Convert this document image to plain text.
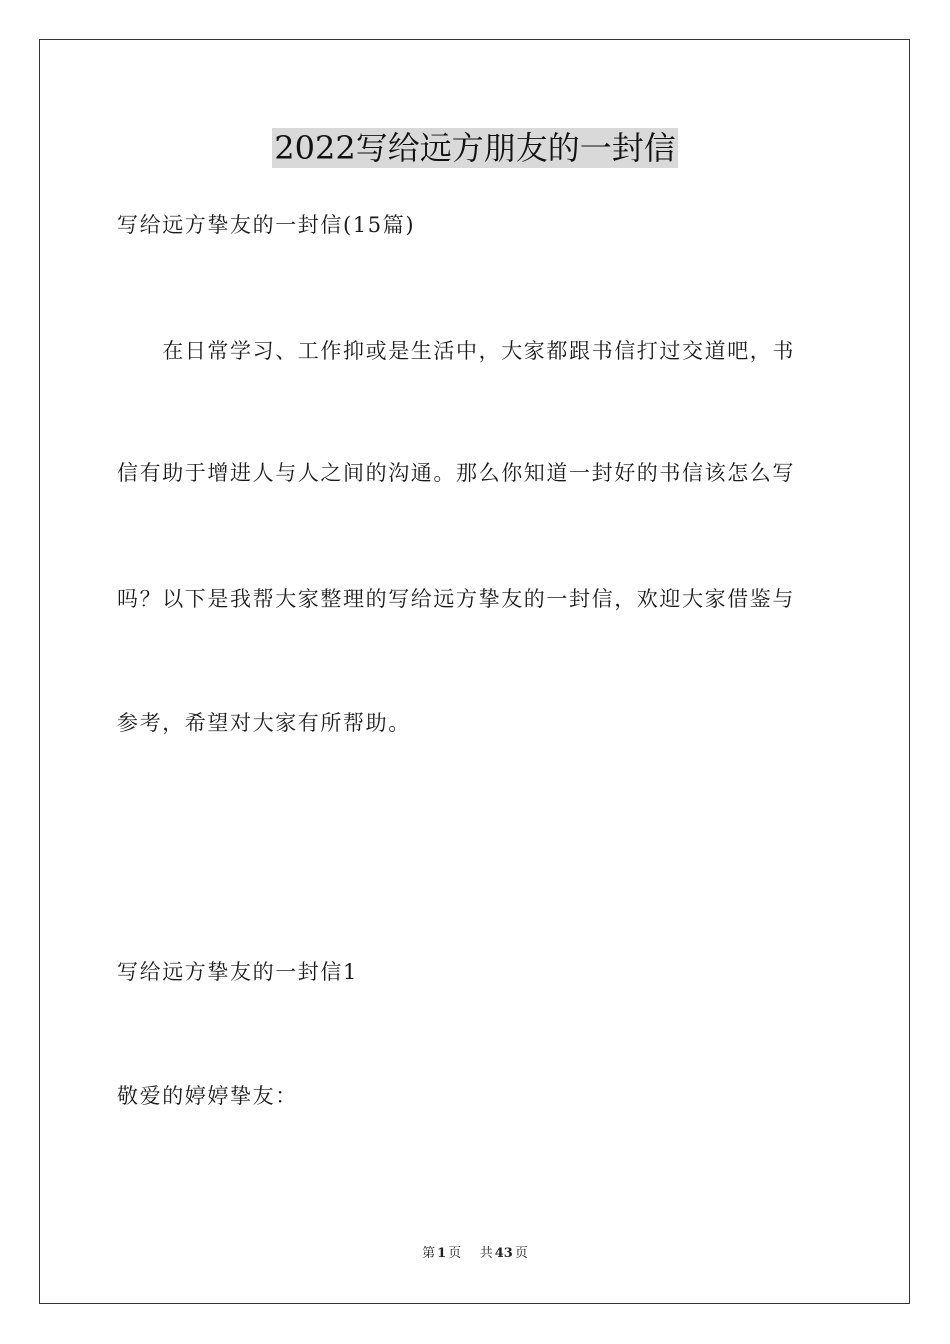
2022写给远方朋友的一封信
写给远方挚友的一封信(15篇)
　　在日常学习、工作抑或是生活中，大家都跟书信打过交道吧，书
信有助于增进人与人之间的沟通。那么你知道一封好的书信该怎么写
吗？以下是我帮大家整理的写给远方挚友的一封信，欢迎大家借鉴与
参考，希望对大家有所帮助。
写给远方挚友的一封信1
敬爱的婷婷挚友：
第 1 页 共 43 页
